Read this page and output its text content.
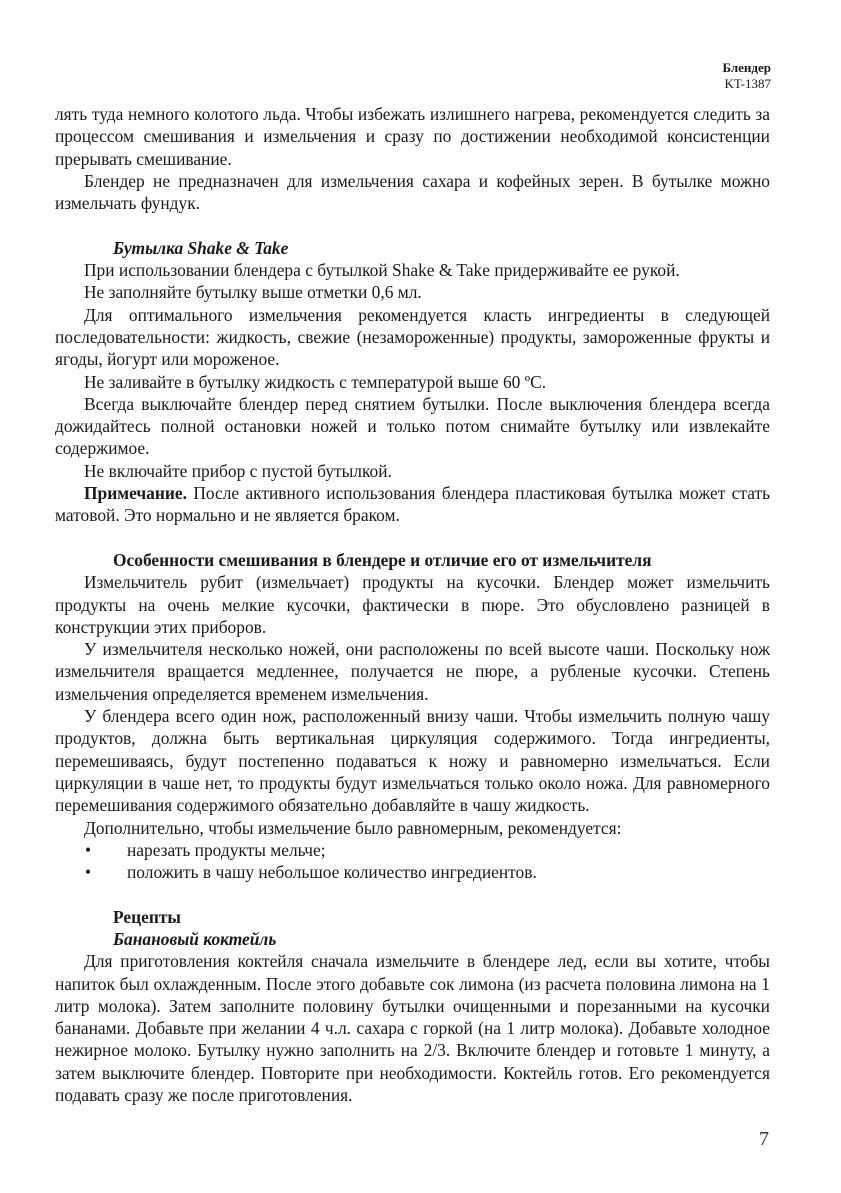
Блендер
KT-1387

лять туда немного колотого льда. Чтобы избежать излишнего нагрева, рекомендуется следить за процессом смешивания и измельчения и сразу по достижении необходимой консистенции прерывать смешивание.

Блендер не предназначен для измельчения сахара и кофейных зерен. В бутылке можно измельчать фундук.

Бутылка Shake & Take

При использовании блендера с бутылкой Shake & Take придерживайте ее рукой.

Не заполняйте бутылку выше отметки 0,6 мл.

Для оптимального измельчения рекомендуется класть ингредиенты в следующей последовательности: жидкость, свежие (незамороженные) продукты, замороженные фрукты и ягоды, йогурт или мороженое.

Не заливайте в бутылку жидкость с температурой выше 60 ºС.

Всегда выключайте блендер перед снятием бутылки. После выключения блендера всегда дожидайтесь полной остановки ножей и только потом снимайте бутылку или извлекайте содержимое.

Не включайте прибор с пустой бутылкой.

Примечание. После активного использования блендера пластиковая бутылка может стать матовой. Это нормально и не является браком.

Особенности смешивания в блендере и отличие его от измельчителя

Измельчитель рубит (измельчает) продукты на кусочки. Блендер может измельчить продукты на очень мелкие кусочки, фактически в пюре. Это обусловлено разницей в конструкции этих приборов.

У измельчителя несколько ножей, они расположены по всей высоте чаши. Поскольку нож измельчителя вращается медленнее, получается не пюре, а рубленые кусочки. Степень измельчения определяется временем измельчения.

У блендера всего один нож, расположенный внизу чаши. Чтобы измельчить полную чашу продуктов, должна быть вертикальная циркуляция содержимого. Тогда ингредиенты, перемешиваясь, будут постепенно подаваться к ножу и равномерно измельчаться. Если циркуляции в чаше нет, то продукты будут измельчаться только около ножа. Для равномерного перемешивания содержимого обязательно добавляйте в чашу жидкость.

Дополнительно, чтобы измельчение было равномерным, рекомендуется:

• нарезать продукты мельче;
• положить в чашу небольшое количество ингредиентов.

Рецепты

Банановый коктейль

Для приготовления коктейля сначала измельчите в блендере лед, если вы хотите, чтобы напиток был охлажденным. После этого добавьте сок лимона (из расчета половина лимона на 1 литр молока). Затем заполните половину бутылки очищенными и порезанными на кусочки бананами. Добавьте при желании 4 ч.л. сахара с горкой (на 1 литр молока). Добавьте холодное нежирное молоко. Бутылку нужно заполнить на 2/3. Включите блендер и готовьте 1 минуту, а затем выключите блендер. Повторите при необходимости. Коктейль готов. Его рекомендуется подавать сразу же после приготовления.

7
